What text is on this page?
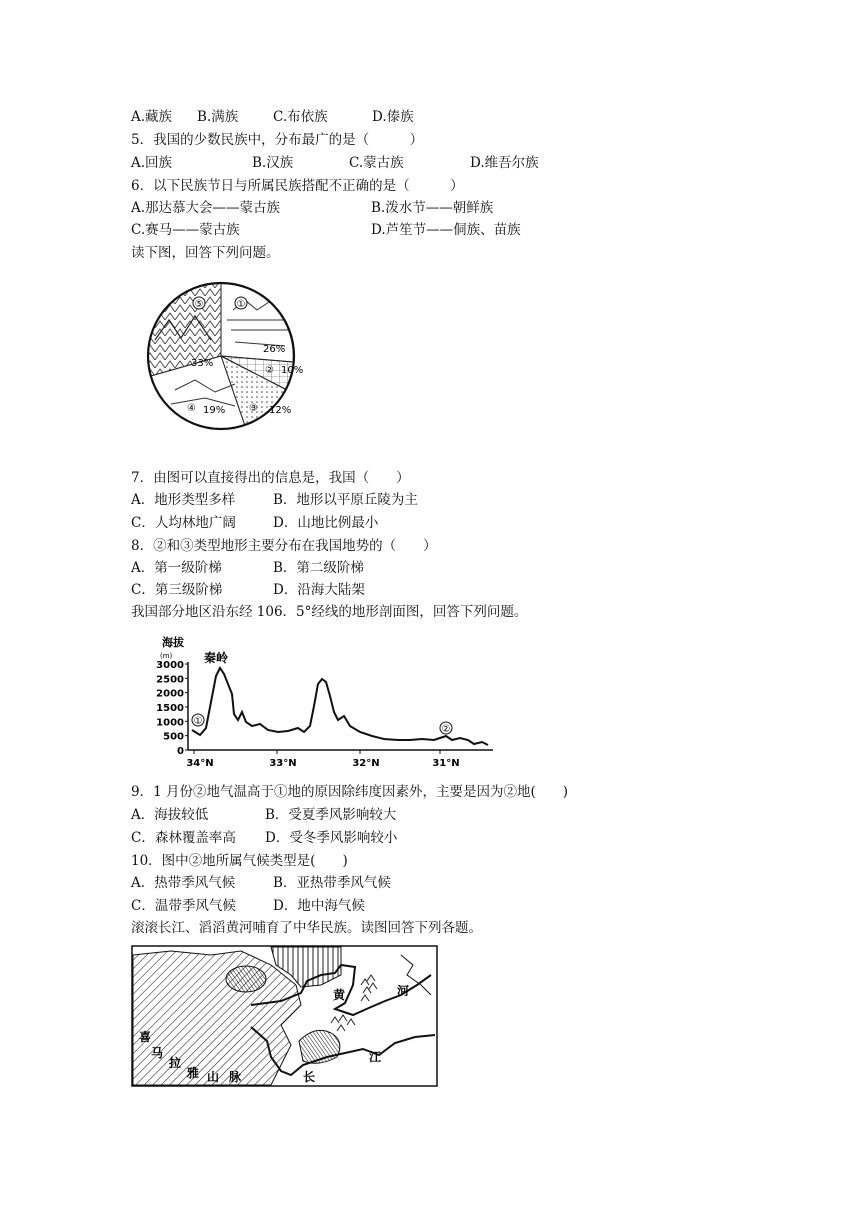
A.藏族 B.满族	C.布依族	D.傣族
5．我国的少数民族中，分布最广的是（　　　）
A.回族	B.汉族	C.蒙古族	D.维吾尔族
6．以下民族节日与所属民族搭配不正确的是（　　　）
A.那达慕大会——蒙古族	B.泼水节——朝鲜族
C.赛马——蒙古族	D.芦笙节——侗族、苗族
读下图，回答下列问题。
⑤	①
26%
② 10%
③ 12%
④ 19%
33%
7．由图可以直接得出的信息是，我国（　　）
A．地形类型多样	B．地形以平原丘陵为主
C．人均林地广阔	D．山地比例最小
8．②和③类型地形主要分布在我国地势的（　　）
A．第一级阶梯	B．第二级阶梯
C．第三级阶梯	D．沿海大陆架
我国部分地区沿东经 106．5°经线的地形剖面图，回答下列问题。
海拔
(m)	秦岭
3000
2500
2000
1500
1000
500
0
34°N	33°N	32°N	31°N
①
②
9．1 月份②地气温高于①地的原因除纬度因素外，主要是因为②地(　　)
A．海拔较低	B．受夏季风影响较大
C．森林覆盖率高 D．受冬季风影响较小
10．图中②地所属气候类型是(　　)
A．热带季风气候	B．亚热带季风气候
C．温带季风气候	D．地中海气候
滚滚长江、滔滔黄河哺育了中华民族。读图回答下列各题。
黄	河
长
江
喜
马
拉
雅 山 脉
